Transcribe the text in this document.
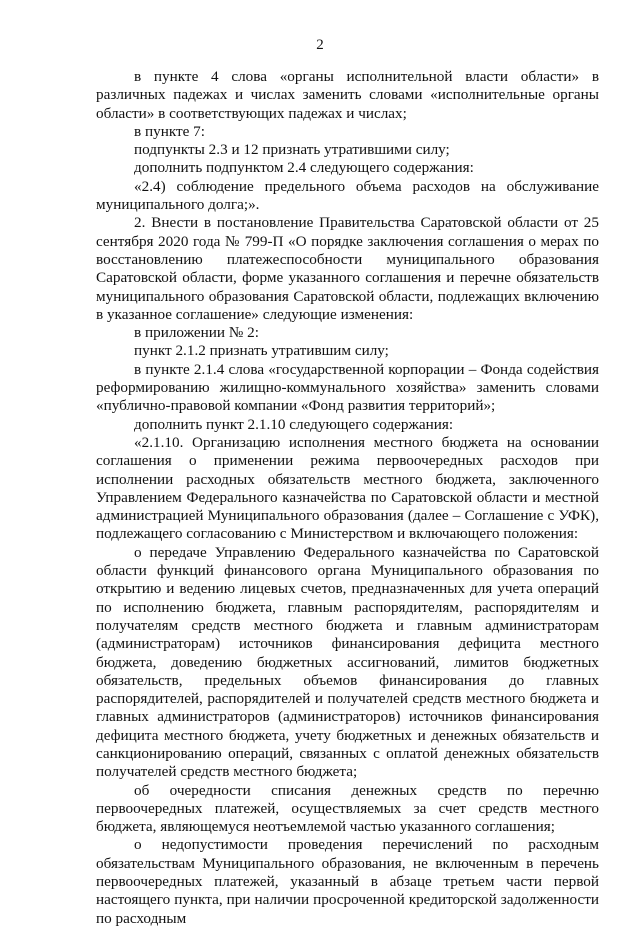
2

в пункте 4 слова «органы исполнительной власти области» в различных падежах и числах заменить словами «исполнительные органы области» в соответствующих падежах и числах;

в пункте 7:

подпункты 2.3 и 12 признать утратившими силу;

дополнить подпунктом 2.4 следующего содержания:

«2.4) соблюдение предельного объема расходов на обслуживание муниципального долга;».

2. Внести в постановление Правительства Саратовской области от 25 сентября 2020 года № 799-П «О порядке заключения соглашения о мерах по восстановлению платежеспособности муниципального образования Саратовской области, форме указанного соглашения и перечне обязательств муниципального образования Саратовской области, подлежащих включению в указанное соглашение» следующие изменения:

в приложении № 2:

пункт 2.1.2 признать утратившим силу;

в пункте 2.1.4 слова «государственной корпорации – Фонда содействия реформированию жилищно-коммунального хозяйства» заменить словами «публично-правовой компании «Фонд развития территорий»;

дополнить пункт 2.1.10 следующего содержания:

«2.1.10. Организацию исполнения местного бюджета на основании соглашения о применении режима первоочередных расходов при исполнении расходных обязательств местного бюджета, заключенного Управлением Федерального казначейства по Саратовской области и местной администрацией Муниципального образования (далее – Соглашение с УФК), подлежащего согласованию с Министерством и включающего положения:

о передаче Управлению Федерального казначейства по Саратовской области функций финансового органа Муниципального образования по открытию и ведению лицевых счетов, предназначенных для учета операций по исполнению бюджета, главным распорядителям, распорядителям и получателям средств местного бюджета и главным администраторам (администраторам) источников финансирования дефицита местного бюджета, доведению бюджетных ассигнований, лимитов бюджетных обязательств, предельных объемов финансирования до главных распорядителей, распорядителей и получателей средств местного бюджета и главных администраторов (администраторов) источников финансирования дефицита местного бюджета, учету бюджетных и денежных обязательств и санкционированию операций, связанных с оплатой денежных обязательств получателей средств местного бюджета;

об очередности списания денежных средств по перечню первоочередных платежей, осуществляемых за счет средств местного бюджета, являющемуся неотъемлемой частью указанного соглашения;

о недопустимости проведения перечислений по расходным обязательствам Муниципального образования, не включенным в перечень первоочередных платежей, указанный в абзаце третьем части первой настоящего пункта, при наличии просроченной кредиторской задолженности по расходным
